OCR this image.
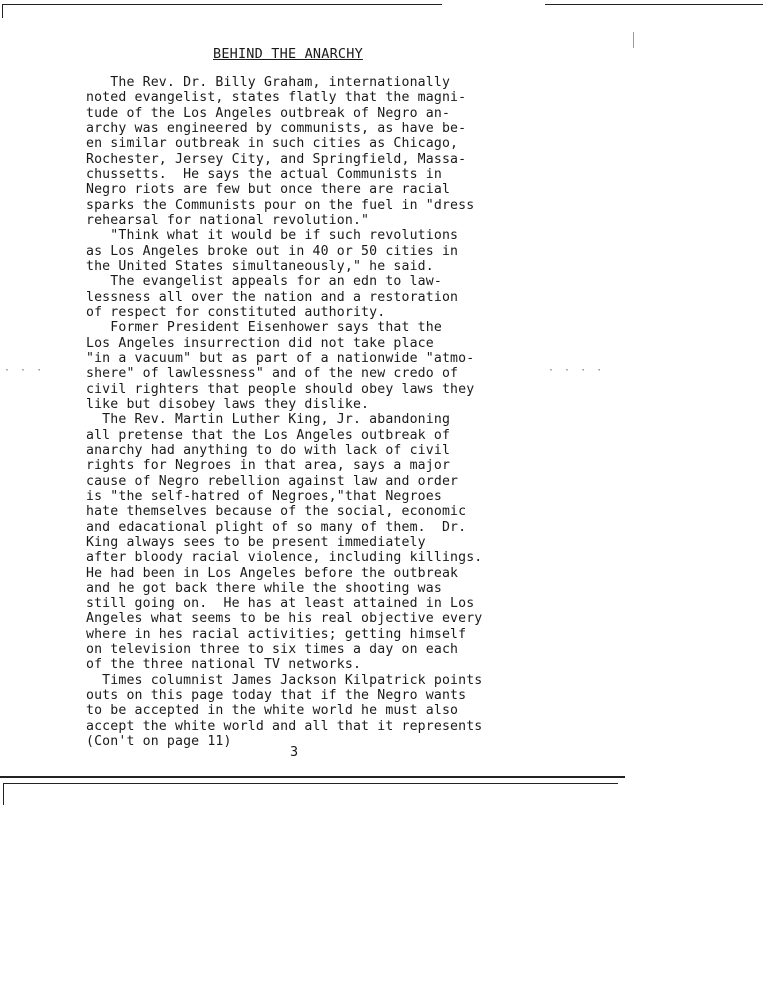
BEHIND THE ANARCHY
The Rev. Dr. Billy Graham, internationally
noted evangelist, states flatly that the magni-
tude of the Los Angeles outbreak of Negro an-
archy was engineered by communists, as have be-
en similar outbreak in such cities as Chicago,
Rochester, Jersey City, and Springfield, Massa-
chussetts.  He says the actual Communists in
Negro riots are few but once there are racial
sparks the Communists pour on the fuel in "dress
rehearsal for national revolution."
"Think what it would be if such revolutions
as Los Angeles broke out in 40 or 50 cities in
the United States simultaneously," he said.
The evangelist appeals for an edn to law-
lessness all over the nation and a restoration
of respect for constituted authority.
Former President Eisenhower says that the
Los Angeles insurrection did not take place
"in a vacuum" but as part of a nationwide "atmo-
shere" of lawlessness" and of the new credo of
civil righters that people should obey laws they
like but disobey laws they dislike.
The Rev. Martin Luther King, Jr. abandoning
all pretense that the Los Angeles outbreak of
anarchy had anything to do with lack of civil
rights for Negroes in that area, says a major
cause of Negro rebellion against law and order
is "the self-hatred of Negroes,"that Negroes
hate themselves because of the social, economic
and edacational plight of so many of them.  Dr.
King always sees to be present immediately
after bloody racial violence, including killings.
He had been in Los Angeles before the outbreak
and he got back there while the shooting was
still going on.  He has at least attained in Los
Angeles what seems to be his real objective every
where in hes racial activities; getting himself
on television three to six times a day on each
of the three national TV networks.
Times columnist James Jackson Kilpatrick points
outs on this page today that if the Negro wants
to be accepted in the white world he must also
accept the white world and all that it represents
(Con't on page 11)
3
· · ·	· · · ·
